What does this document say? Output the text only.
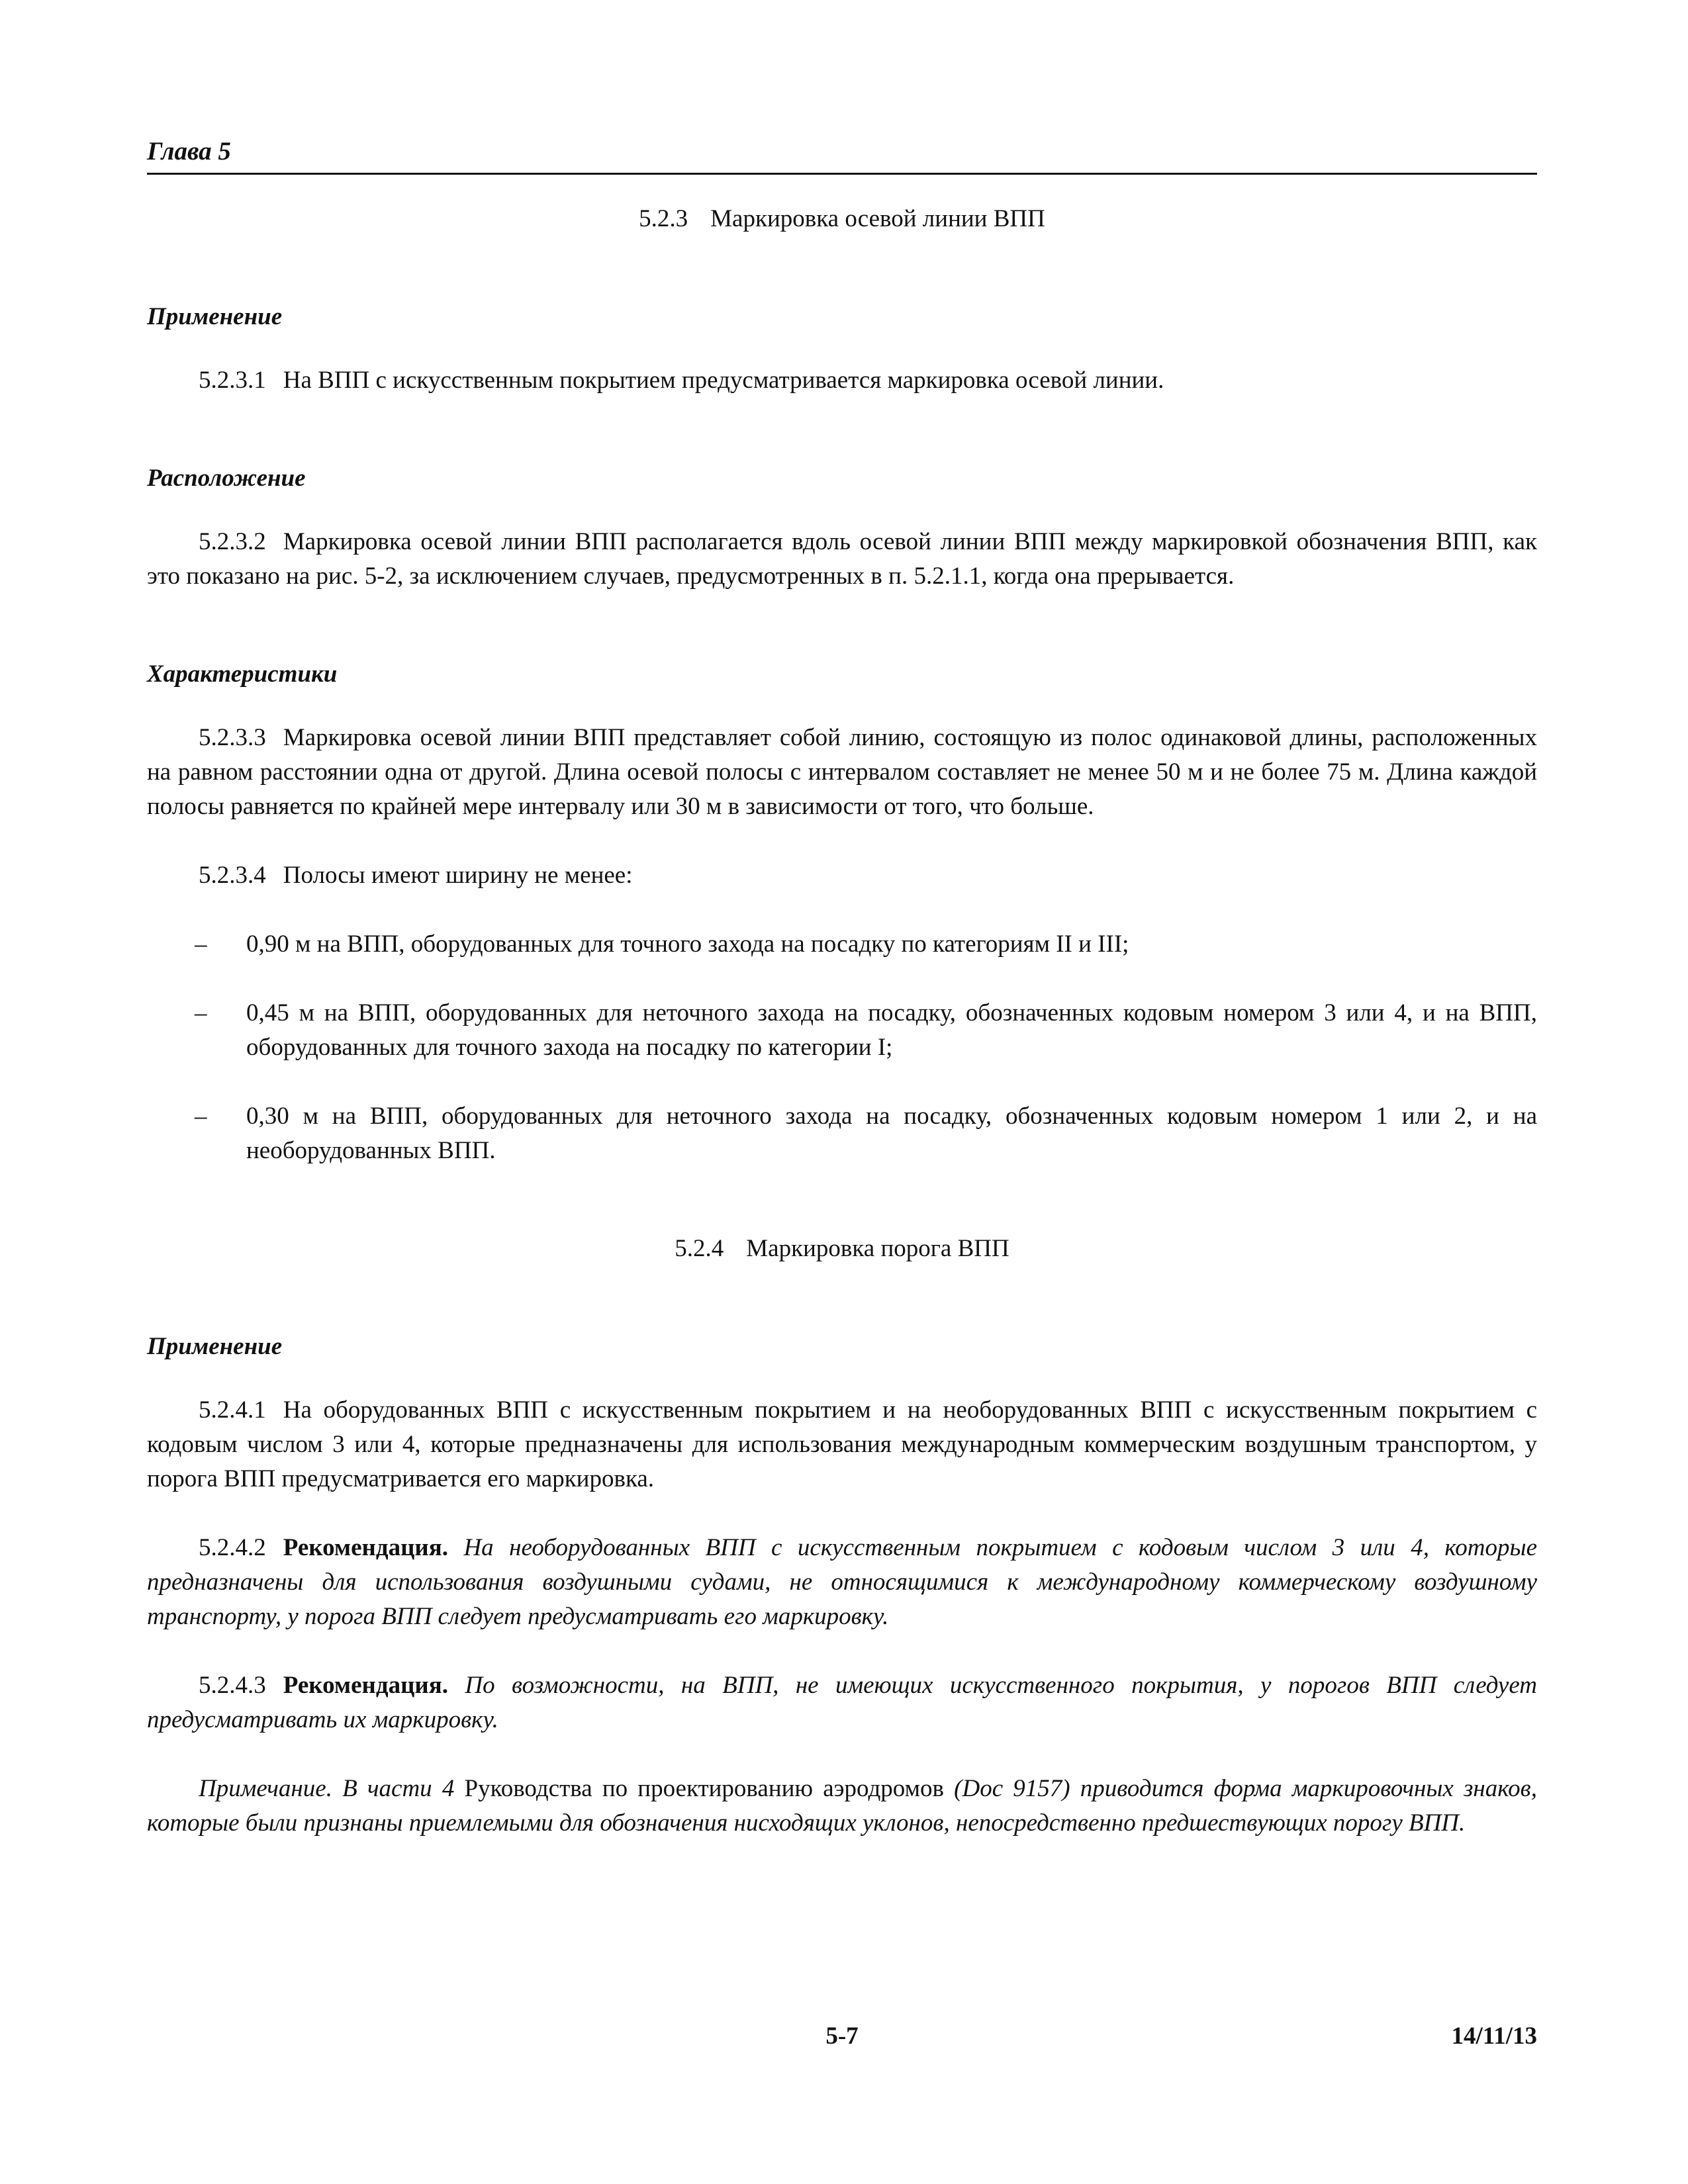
Глава 5
5.2.3 Маркировка осевой линии ВПП
Применение

5.2.3.1 На ВПП с искусственным покрытием предусматривается маркировка осевой линии.

Расположение

5.2.3.2 Маркировка осевой линии ВПП располагается вдоль осевой линии ВПП между маркировкой обозначения ВПП, как это показано на рис. 5-2, за исключением случаев, предусмотренных в п. 5.2.1.1, когда она прерывается.

Характеристики

5.2.3.3 Маркировка осевой линии ВПП представляет собой линию, состоящую из полос одинаковой длины, расположенных на равном расстоянии одна от другой. Длина осевой полосы с интервалом составляет не менее 50 м и не более 75 м. Длина каждой полосы равняется по крайней мере интервалу или 30 м в зависимости от того, что больше.

5.2.3.4 Полосы имеют ширину не менее:

– 0,90 м на ВПП, оборудованных для точного захода на посадку по категориям II и III;

– 0,45 м на ВПП, оборудованных для неточного захода на посадку, обозначенных кодовым номером 3 или 4, и на ВПП, оборудованных для точного захода на посадку по категории I;

– 0,30 м на ВПП, оборудованных для неточного захода на посадку, обозначенных кодовым номером 1 или 2, и на необорудованных ВПП.

5.2.4 Маркировка порога ВПП
Применение

5.2.4.1 На оборудованных ВПП с искусственным покрытием и на необорудованных ВПП с искусственным покрытием с кодовым числом 3 или 4, которые предназначены для использования международным коммерческим воздушным транспортом, у порога ВПП предусматривается его маркировка.

5.2.4.2 Рекомендация. На необорудованных ВПП с искусственным покрытием с кодовым числом 3 или 4, которые предназначены для использования воздушными судами, не относящимися к международному коммерческому воздушному транспорту, у порога ВПП следует предусматривать его маркировку.

5.2.4.3 Рекомендация. По возможности, на ВПП, не имеющих искусственного покрытия, у порогов ВПП следует предусматривать их маркировку.

Примечание. В части 4 Руководства по проектированию аэродромов (Doc 9157) приводится форма маркировочных знаков, которые были признаны приемлемыми для обозначения нисходящих уклонов, непосредственно предшествующих порогу ВПП.

5-7	14/11/13
